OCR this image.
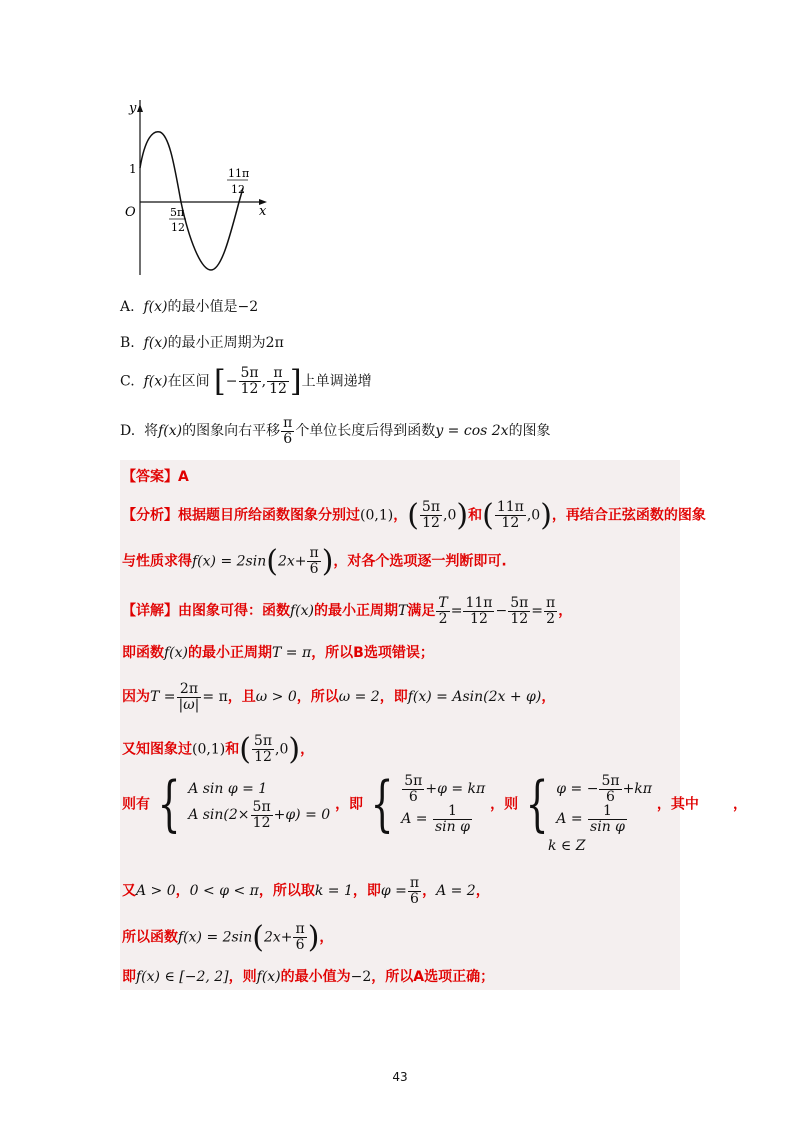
y
x
O
1
5π
12
11π
12
A. f(x)的最小值是−2
B. f(x)的最小正周期为2π
C. f(x)在区间 [− $\frac{5\pi}{12}$ , $\frac{\pi}{12}$ ]上单调递增
D. 将f(x)的图象向右平移 $\frac{\pi}{6}$ 个单位长度后得到函数y = cos 2x的图象
【答案】A
【分析】根据题目所给函数图象分别过(0,1)，( $\frac{5\pi}{12} ,0$)和( $\frac{11\pi}{12} ,0$)，再结合正弦函数的图象
与性质求得$f(x) = 2\sin(2x+ \frac{\pi}{6}$ )，对各个选项逐一判断即可.
【详解】由图象可得：函数f(x)的最小正周期T满足 $\frac{T}{2} = \frac{11\pi}{12} - \frac{5\pi}{12} = \frac{\pi}{2}$ ，
即函数f(x)的最小正周期T = π，所以B选项错误；
因为$T = \frac{2\pi}{|\omega|} = \pi$，且ω > 0，所以ω = 2，即f(x) = Asin(2x + φ)，
又知图象过(0,1)和( $\frac{5\pi}{12} ,0$)，
则有 { A sin φ = 1
A $\sin(2\times \frac{5\pi}{12} +\varphi) = 0$
，即 { $\frac{5\pi}{6} +\varphi = k\pi$
$A = \frac{1}{\text{sin φ}}$ ，则 { φ = − $\frac{5\pi}{6} +k\pi$
$A = \frac{1}{\text{sin φ}}$ ，其中       ，
k ∈ Z
又A > 0，0 < φ < π，所以取k = 1，即$\varphi = \frac{\pi}{6}$ ，A = 2，
所以函数$f(x) = 2\sin(2x+ \frac{\pi}{6}$ )，
即f(x) ∈ [−2, 2]，则f(x)的最小值为−2，所以A选项正确；
43
